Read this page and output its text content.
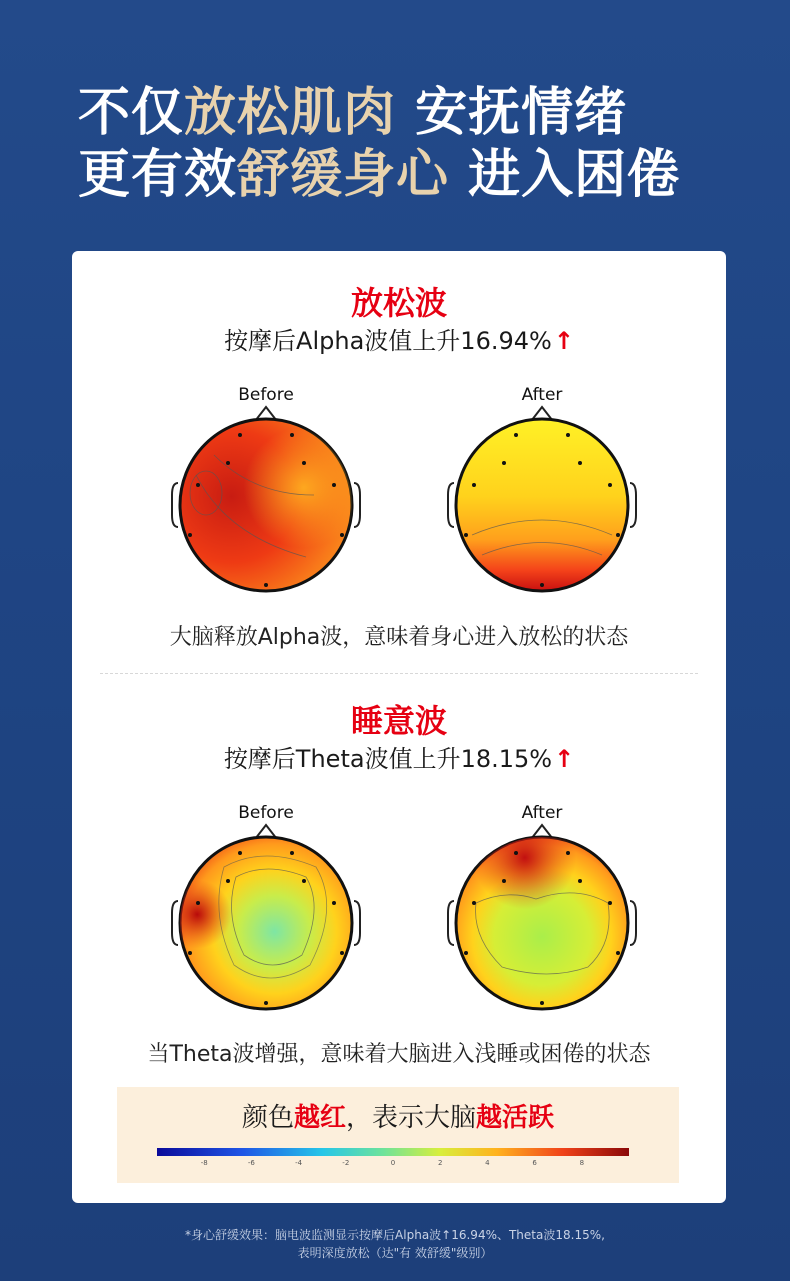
不仅放松肌肉 安抚情绪
更有效舒缓身心 进入困倦
放松波
按摩后Alpha波值上升16.94%↑
Before	After
大脑释放Alpha波，意味着身心进入放松的状态
睡意波
按摩后Theta波值上升18.15%↑
Before	After
当Theta波增强，意味着大脑进入浅睡或困倦的状态
颜色越红，表示大脑越活跃
-8	-6	-4	-2	0	2	4	6	8
*身心舒缓效果：脑电波监测显示按摩后Alpha波↑16.94%、Theta波18.15%,
表明深度放松（达"有 效舒缓"级别）
